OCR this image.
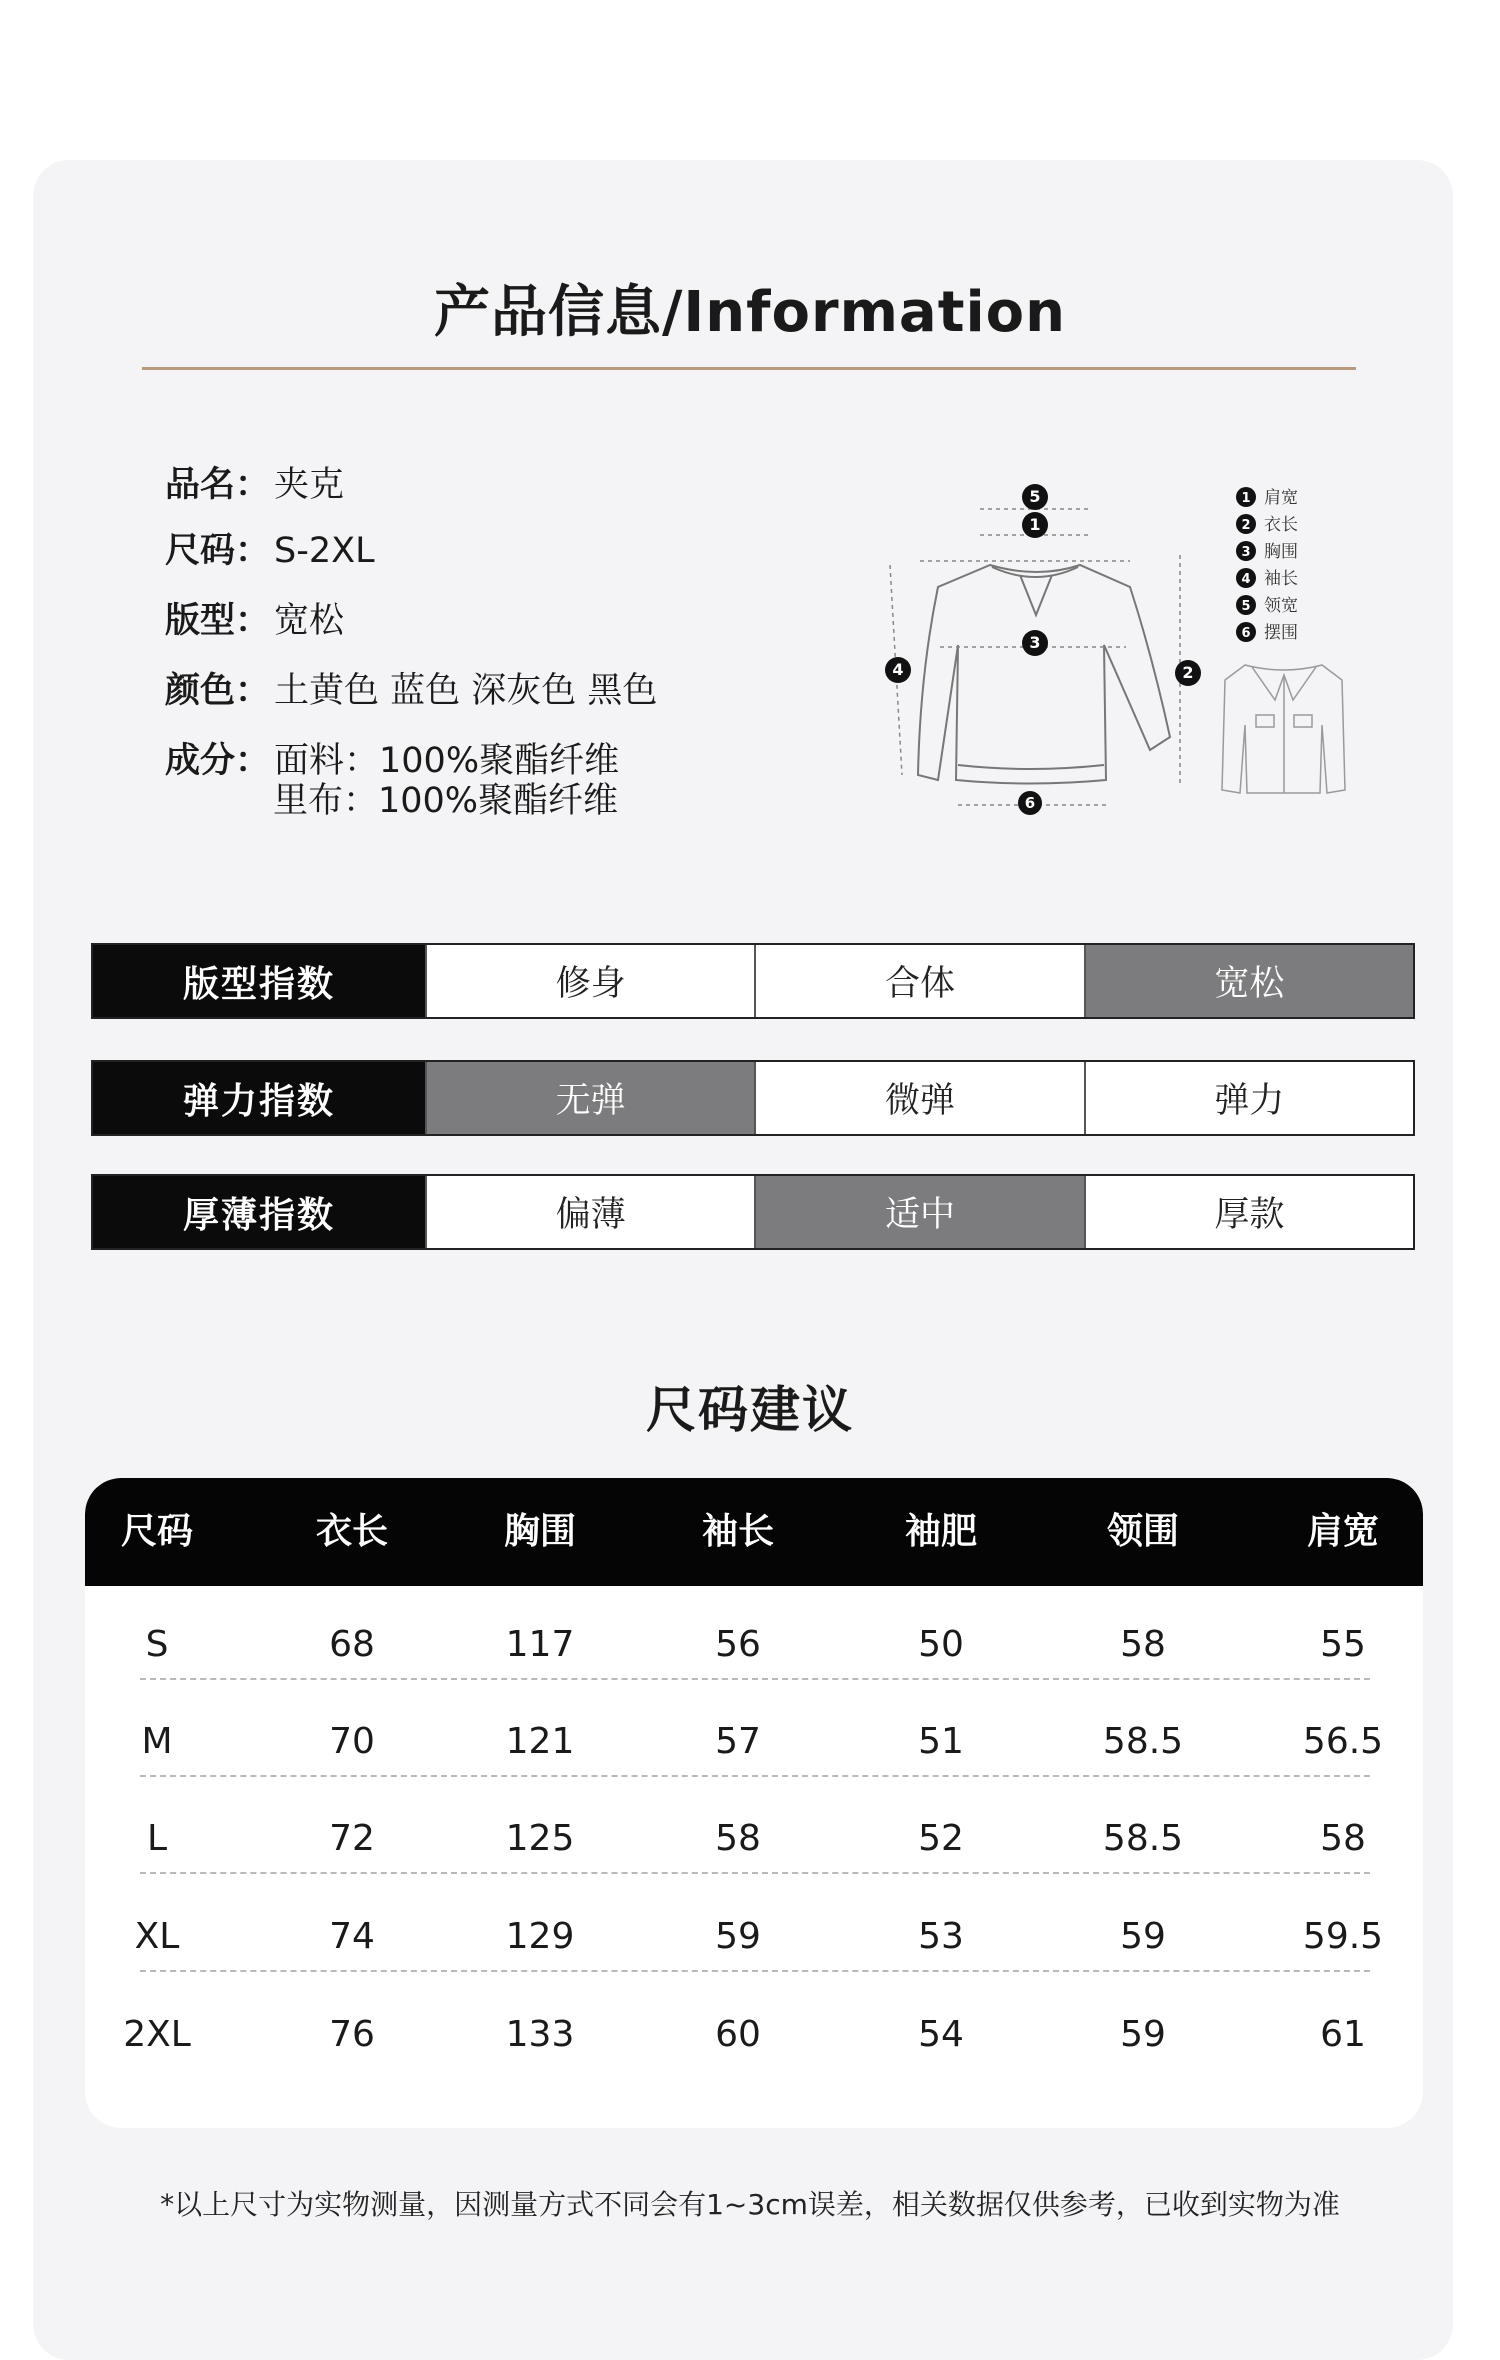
产品信息/Information
品名： 夹克
尺码： S-2XL
版型： 宽松
颜色： 土黄色 蓝色 深灰色 黑色
成分： 面料：100%聚酯纤维
里布：100%聚酯纤维
5
1
3
4	2
6
1 肩宽
2 衣长
3 胸围
4 袖长
5 领宽
6 摆围
版型指数	修身	合体	宽松
弹力指数	无弹	微弹	弹力
厚薄指数	偏薄	适中	厚款
尺码建议
尺码	衣长	胸围	袖长	袖肥	领围	肩宽
S	68	117	56	50	58	55
M	70	121	57	51	58.5	56.5
L	72	125	58	52	58.5	58
XL	74	129	59	53	59	59.5
2XL	76	133	60	54	59	61
*以上尺寸为实物测量，因测量方式不同会有1~3cm误差，相关数据仅供参考，已收到实物为准
